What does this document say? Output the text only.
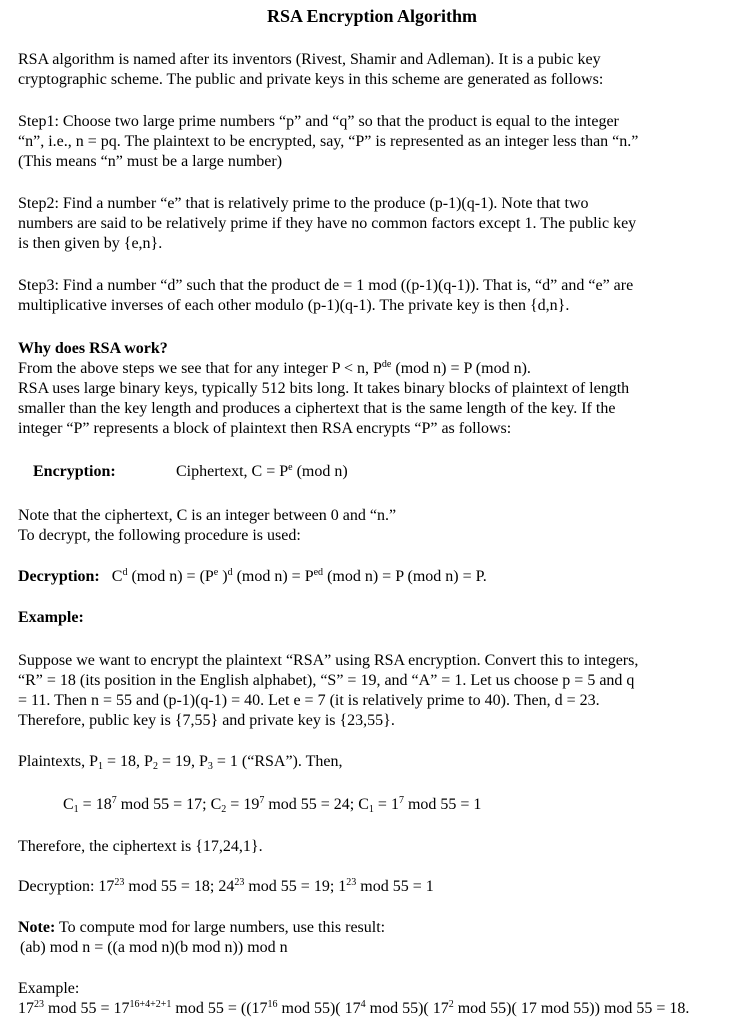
RSA Encryption Algorithm
RSA algorithm is named after its inventors (Rivest, Shamir and Adleman). It is a pubic key
cryptographic scheme. The public and private keys in this scheme are generated as follows:
Step1: Choose two large prime numbers “p” and “q” so that the product is equal to the integer
“n”, i.e., n = pq. The plaintext to be encrypted, say, “P” is represented as an integer less than “n.”
(This means “n” must be a large number)
Step2: Find a number “e” that is relatively prime to the produce (p-1)(q-1). Note that two
numbers are said to be relatively prime if they have no common factors except 1. The public key
is then given by {e,n}.
Step3: Find a number “d” such that the product de = 1 mod ((p-1)(q-1)). That is, “d” and “e” are
multiplicative inverses of each other modulo (p-1)(q-1). The private key is then {d,n}.
Why does RSA work?
From the above steps we see that for any integer P < n, $P^{de}$ (mod n) = P (mod n).
RSA uses large binary keys, typically 512 bits long. It takes binary blocks of plaintext of length
smaller than the key length and produces a ciphertext that is the same length of the key. If the
integer “P” represents a block of plaintext then RSA encrypts “P” as follows:
Encryption:	Ciphertext, $C = P^e$ (mod n)
Note that the ciphertext, C is an integer between 0 and “n.”
To decrypt, the following procedure is used:
Decryption: $C^d$ (mod $n) = (P^e$ )$^d$ (mod $n) = P^{ed}$ (mod n) = P (mod n) = P.
Example:
Suppose we want to encrypt the plaintext “RSA” using RSA encryption. Convert this to integers,
“R” = 18 (its position in the English alphabet), “S” = 19, and “A” = 1. Let us choose p = 5 and q
= 11. Then n = 55 and (p-1)(q-1) = 40. Let e = 7 (it is relatively prime to 40). Then, d = 23.
Therefore, public key is {7,55} and private key is {23,55}.
Plaintexts, $P_1 = 18$, $P_2 = 19$, $P_3 = 1$ (“RSA”). Then,
$C_1 = 18^7$ mod 55 = 17; $C_2 = 19^7$ mod 55 = 24; $C_1 = 1^7$ mod 55 = 1
Therefore, the ciphertext is {17,24,1}.
Decryption: $17^{23}$ mod 55 = 18; $24^{23}$ mod 55 = 19; $1^{23}$ mod 55 = 1
Note: To compute mod for large numbers, use this result:
(ab) mod n = ((a mod n)(b mod n)) mod n
Example:
$17^{23}$ mod $55 = 17^{16+4+2+1}$ mod $55 = ((17^{16}$ mod 55)( $17^4$ mod 55)( $17^2$ mod 55)( 17 mod 55)) mod 55 = 18.
